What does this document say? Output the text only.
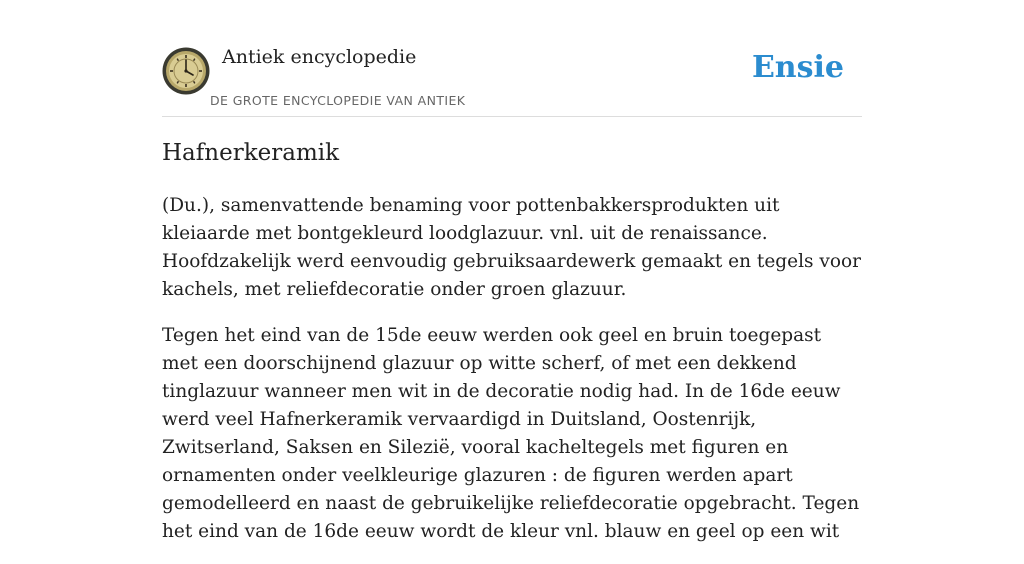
Antiek encyclopedie
DE GROTE ENCYCLOPEDIE VAN ANTIEK
Ensie
Hafnerkeramik

(Du.), samenvattende benaming voor pottenbakkersprodukten uit kleiaarde met bontgekleurd loodglazuur. vnl. uit de renaissance. Hoofdzakelijk werd eenvoudig gebruiksaardewerk gemaakt en tegels voor kachels, met reliefdecoratie onder groen glazuur.

Tegen het eind van de 15de eeuw werden ook geel en bruin toegepast met een doorschijnend glazuur op witte scherf, of met een dekkend tinglazuur wanneer men wit in de decoratie nodig had. In de 16de eeuw werd veel Hafnerkeramik vervaardigd in Duitsland, Oostenrijk, Zwitserland, Saksen en Silezië, vooral kacheltegels met figuren en ornamenten onder veelkleurige glazuren : de figuren werden apart gemodelleerd en naast de gebruikelijke reliefdecoratie opgebracht. Tegen het eind van de 16de eeuw wordt de kleur vnl. blauw en geel op een wit
